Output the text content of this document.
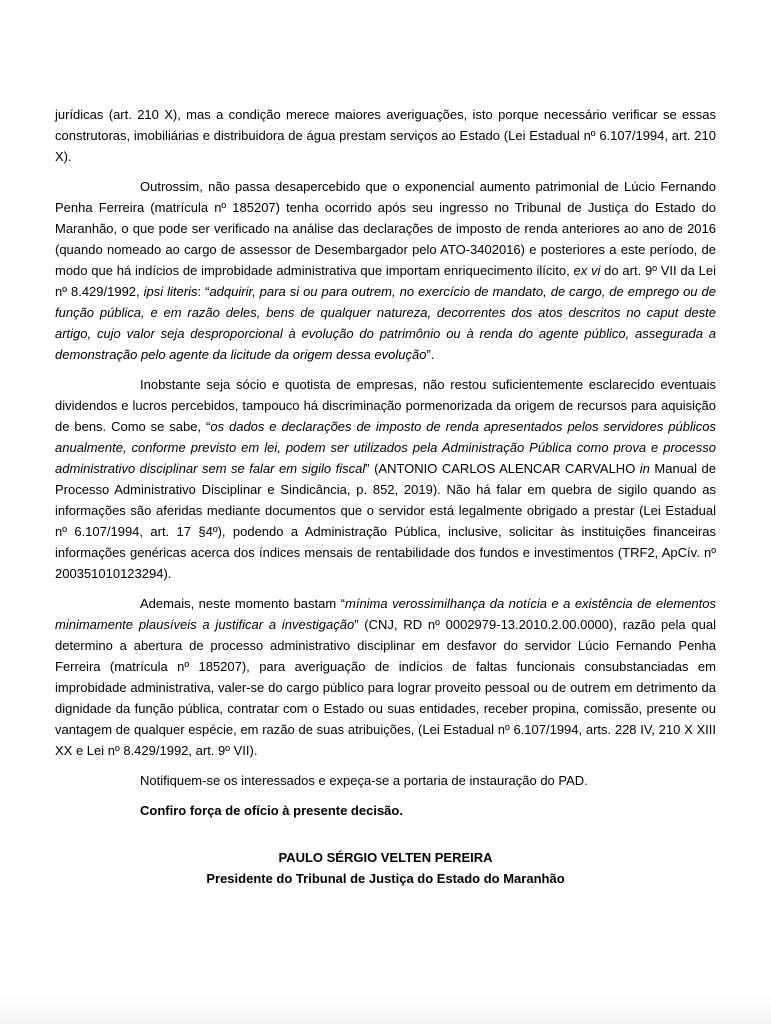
jurídicas (art. 210 X), mas a condição merece maiores averiguações, isto porque necessário verificar se essas construtoras, imobiliárias e distribuidora de água prestam serviços ao Estado (Lei Estadual nº 6.107/1994, art. 210 X).
Outrossim, não passa desapercebido que o exponencial aumento patrimonial de Lúcio Fernando Penha Ferreira (matrícula nº 185207) tenha ocorrido após seu ingresso no Tribunal de Justiça do Estado do Maranhão, o que pode ser verificado na análise das declarações de imposto de renda anteriores ao ano de 2016 (quando nomeado ao cargo de assessor de Desembargador pelo ATO-3402016) e posteriores a este período, de modo que há indícios de improbidade administrativa que importam enriquecimento ilícito, ex vi do art. 9º VII da Lei nº 8.429/1992, ipsi literis: “adquirir, para si ou para outrem, no exercício de mandato, de cargo, de emprego ou de função pública, e em razão deles, bens de qualquer natureza, decorrentes dos atos descritos no caput deste artigo, cujo valor seja desproporcional à evolução do patrimônio ou à renda do agente público, assegurada a demonstração pelo agente da licitude da origem dessa evolução”.
Inobstante seja sócio e quotista de empresas, não restou suficientemente esclarecido eventuais dividendos e lucros percebidos, tampouco há discriminação pormenorizada da origem de recursos para aquisição de bens. Como se sabe, “os dados e declarações de imposto de renda apresentados pelos servidores públicos anualmente, conforme previsto em lei, podem ser utilizados pela Administração Pública como prova e processo administrativo disciplinar sem se falar em sigilo fiscal” (ANTONIO CARLOS ALENCAR CARVALHO in Manual de Processo Administrativo Disciplinar e Sindicância, p. 852, 2019). Não há falar em quebra de sigilo quando as informações são aferidas mediante documentos que o servidor está legalmente obrigado a prestar (Lei Estadual nº 6.107/1994, art. 17 §4º), podendo a Administração Pública, inclusive, solicitar às instituições financeiras informações genéricas acerca dos índices mensais de rentabilidade dos fundos e investimentos (TRF2, ApCív. nº 200351010123294).
Ademais, neste momento bastam “mínima verossimilhança da notícia e a existência de elementos minimamente plausíveis a justificar a investigação” (CNJ, RD nº 0002979-13.2010.2.00.0000), razão pela qual determino a abertura de processo administrativo disciplinar em desfavor do servidor Lúcio Fernando Penha Ferreira (matrícula nº 185207), para averiguação de indícios de faltas funcionais consubstanciadas em improbidade administrativa, valer-se do cargo público para lograr proveito pessoal ou de outrem em detrimento da dignidade da função pública, contratar com o Estado ou suas entidades, receber propina, comissão, presente ou vantagem de qualquer espécie, em razão de suas atribuições, (Lei Estadual nº 6.107/1994, arts. 228 IV, 210 X XIII XX e Lei nº 8.429/1992, art. 9º VII).
Notifiquem-se os interessados e expeça-se a portaria de instauração do PAD.
Confiro força de ofício à presente decisão.
PAULO SÉRGIO VELTEN PEREIRA
Presidente do Tribunal de Justiça do Estado do Maranhão
